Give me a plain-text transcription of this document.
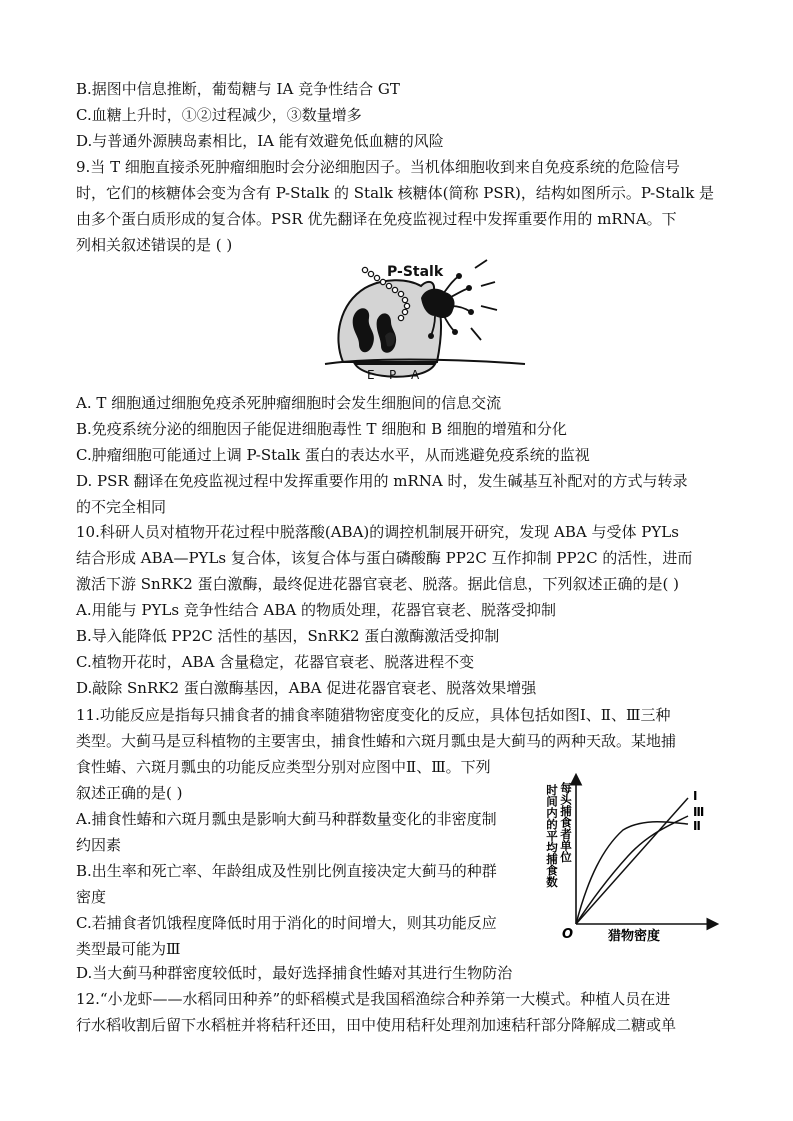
B.据图中信息推断，葡萄糖与 IA 竞争性结合 GT
C.血糖上升时，①②过程减少，③数量增多
D.与普通外源胰岛素相比，IA 能有效避免低血糖的风险
9.当 T 细胞直接杀死肿瘤细胞时会分泌细胞因子。当机体细胞收到来自免疫系统的危险信号
时，它们的核糖体会变为含有 P-Stalk 的 Stalk 核糖体(简称 PSR)，结构如图所示。P-Stalk 是
由多个蛋白质形成的复合体。PSR 优先翻译在免疫监视过程中发挥重要作用的 mRNA。下
列相关叙述错误的是 ( )
P-Stalk
E P A
A. T 细胞通过细胞免疫杀死肿瘤细胞时会发生细胞间的信息交流
B.免疫系统分泌的细胞因子能促进细胞毒性 T 细胞和 B 细胞的增殖和分化
C.肿瘤细胞可能通过上调 P-Stalk 蛋白的表达水平，从而逃避免疫系统的监视
D. PSR 翻译在免疫监视过程中发挥重要作用的 mRNA 时，发生碱基互补配对的方式与转录
的不完全相同
10.科研人员对植物开花过程中脱落酸(ABA)的调控机制展开研究，发现 ABA 与受体 PYLs
结合形成 ABA—PYLs 复合体，该复合体与蛋白磷酸酶 PP2C 互作抑制 PP2C 的活性，进而
激活下游 SnRK2 蛋白激酶，最终促进花器官衰老、脱落。据此信息，下列叙述正确的是( )
A.用能与 PYLs 竞争性结合 ABA 的物质处理，花器官衰老、脱落受抑制
B.导入能降低 PP2C 活性的基因，SnRK2 蛋白激酶激活受抑制
C.植物开花时，ABA 含量稳定，花器官衰老、脱落进程不变
D.敲除 SnRK2 蛋白激酶基因，ABA 促进花器官衰老、脱落效果增强
11.功能反应是指每只捕食者的捕食率随猎物密度变化的反应，具体包括如图Ⅰ、Ⅱ、Ⅲ三种
类型。大蓟马是豆科植物的主要害虫，捕食性蝽和六斑月瓢虫是大蓟马的两种天敌。某地捕
食性蝽、六斑月瓢虫的功能反应类型分别对应图中Ⅱ、Ⅲ。下列
叙述正确的是( )
A.捕食性蝽和六斑月瓢虫是影响大蓟马种群数量变化的非密度制
约因素
B.出生率和死亡率、年龄组成及性别比例直接决定大蓟马的种群
密度
C.若捕食者饥饿程度降低时用于消化的时间增大，则其功能反应
类型最可能为Ⅲ
D.当大蓟马种群密度较低时，最好选择捕食性蝽对其进行生物防治
O	猎物密度
时间内的平均捕食数 每头捕食者单位	Ⅰ
Ⅲ
Ⅱ
12.“小龙虾——水稻同田种养”的虾稻模式是我国稻渔综合种养第一大模式。种植人员在进
行水稻收割后留下水稻桩并将秸秆还田，田中使用秸秆处理剂加速秸秆部分降解成二糖或单
